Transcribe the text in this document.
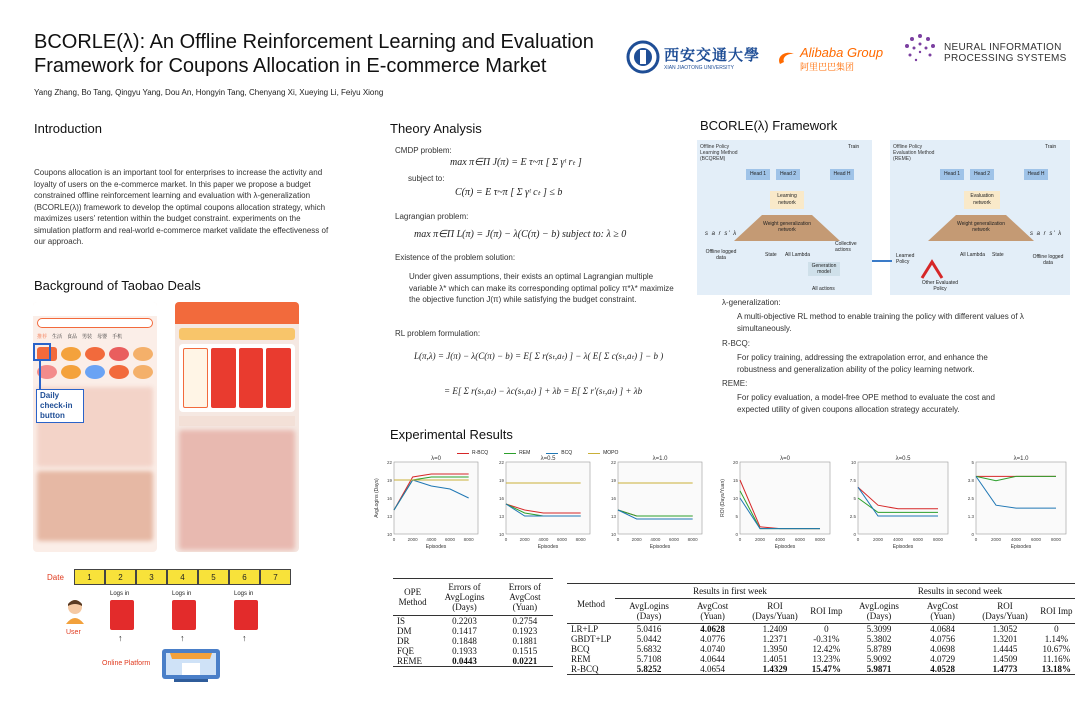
BCORLE(λ): An Offline Reinforcement Learning and Evaluation
Framework for Coupons Allocation in E-commerce Market
Yang Zhang, Bo Tang, Qingyu Yang, Dou An, Hongyin Tang, Chenyang Xi, Xueying Li, Feiyu Xiong
西安交通大學
XIAN JIAOTONG UNIVERSITY
Alibaba Group
阿里巴巴集团
NEURAL INFORMATION
PROCESSING SYSTEMS
Introduction
Coupons allocation is an important tool for enterprises to increase the activity and loyalty of users on the e-commerce market. In this paper we propose a budget constrained offline reinforcement learning and evaluation with λ-generalization (BCORLE(λ)) framework to develop the optimal coupons allocation strategy, which maximizes users' retention within the budget constraint. experiments on the simulation platform and real-world e-commerce market validate the effectiveness of our approach.
Background of Taobao Deals
推荐 生活 食品 男装 母婴 手机
Daily check-in button
Date	1	2	3	4	5	6	7
Logs in	Logs in	Logs in
↑	↑	↑
User
Online Platform
Theory Analysis
CMDP problem:
max π∈Π J(π) = E τ~π [ Σ γᵗ rₜ ]
subject to:
C(π) = E τ~π [ Σ γᵗ cₜ ] ≤ b
Lagrangian problem:
max π∈Π L(π) = J(π) − λ(C(π) − b) subject to: λ ≥ 0
Existence of the problem solution:
Under given assumptions, their exists an optimal Lagrangian multiple variable λ* which can make its corresponding optimal policy π*λ* maximize the objective function J(π) while satisfying the budget constraint.
RL problem formulation:
L(π,λ) = J(π) − λ(C(π) − b) = E[ Σ r(sₜ,aₜ) ] − λ( E[ Σ c(sₜ,aₜ) ] − b )
= E[ Σ r(sₜ,aₜ) − λc(sₜ,aₜ) ] + λb = E[ Σ r′(sₜ,aₜ) ] + λb
BCORLE(λ) Framework
Offline Policy Learning Method (BCQREM)
Offline Policy Evaluation Method (REME)
Train	Train
Head 1	Head 2	Head H
Learning network
Weight generalization network
Generation model
Collective actions
State All Lambda
All actions
Offline logged data
s a r s' λ
Learned Policy
Head 1	Head 2	Head H
Evaluation network
Weight generalization network
All Lambda State
Other Evaluated Policy
Offline logged data
s a r s' λ
λ-generalization:
A multi-objective RL method to enable training the policy with different values of λ simultaneously.
R-BCQ:
For policy training, addressing the extrapolation error, and enhance the robustness and generalization ability of the policy learning network.
REME:
For policy evaluation, a model-free OPE method to evaluate the cost and expected utility of given coupons allocation strategy accurately.
Experimental Results
R-BCQ	REM	BCQ	MOPO
λ=0
10
13
16
19
22
0	2000 4000 6000 8000
Episodes
AvgLogins (Days)
λ=0.5
10
13
16
19
22
0	2000 4000 6000 8000
Episodes
λ=1.0
10
13
16
19
22
0	2000 4000 6000 8000
Episodes
λ=0
0
5
10
15
20
0	2000 4000 6000 8000
Episodes
ROI (Days/Yuan)
λ=0.5
0
2.5
5
7.5
10
0	2000 4000 6000 8000
Episodes
λ=1.0
0
1.3
2.5
3.8
5
0	2000 4000 6000 8000
Episodes
OPE Method	Errors of AvgLogins (Days)	Errors of AvgCost (Yuan)
IS	0.2203	0.2754
DM	0.1417	0.1923
DR	0.1848	0.1881
FQE	0.1933	0.1515
REME	0.0443	0.0221
Method	Results in first week				Results in second week			
	AvgLogins (Days)	AvgCost (Yuan)	ROI (Days/Yuan)	ROI Imp	AvgLogins (Days)	AvgCost (Yuan)	ROI (Days/Yuan)	ROI Imp
LR+LP	5.0416	4.0628	1.2409	0	5.3099	4.0684	1.3052	0
GBDT+LP	5.0442	4.0776	1.2371	-0.31%	5.3802	4.0756	1.3201	1.14%
BCQ	5.6832	4.0740	1.3950	12.42%	5.8789	4.0698	1.4445	10.67%
REM	5.7108	4.0644	1.4051	13.23%	5.9092	4.0729	1.4509	11.16%
R-BCQ	5.8252	4.0654	1.4329	15.47%	5.9871	4.0528	1.4773	13.18%
